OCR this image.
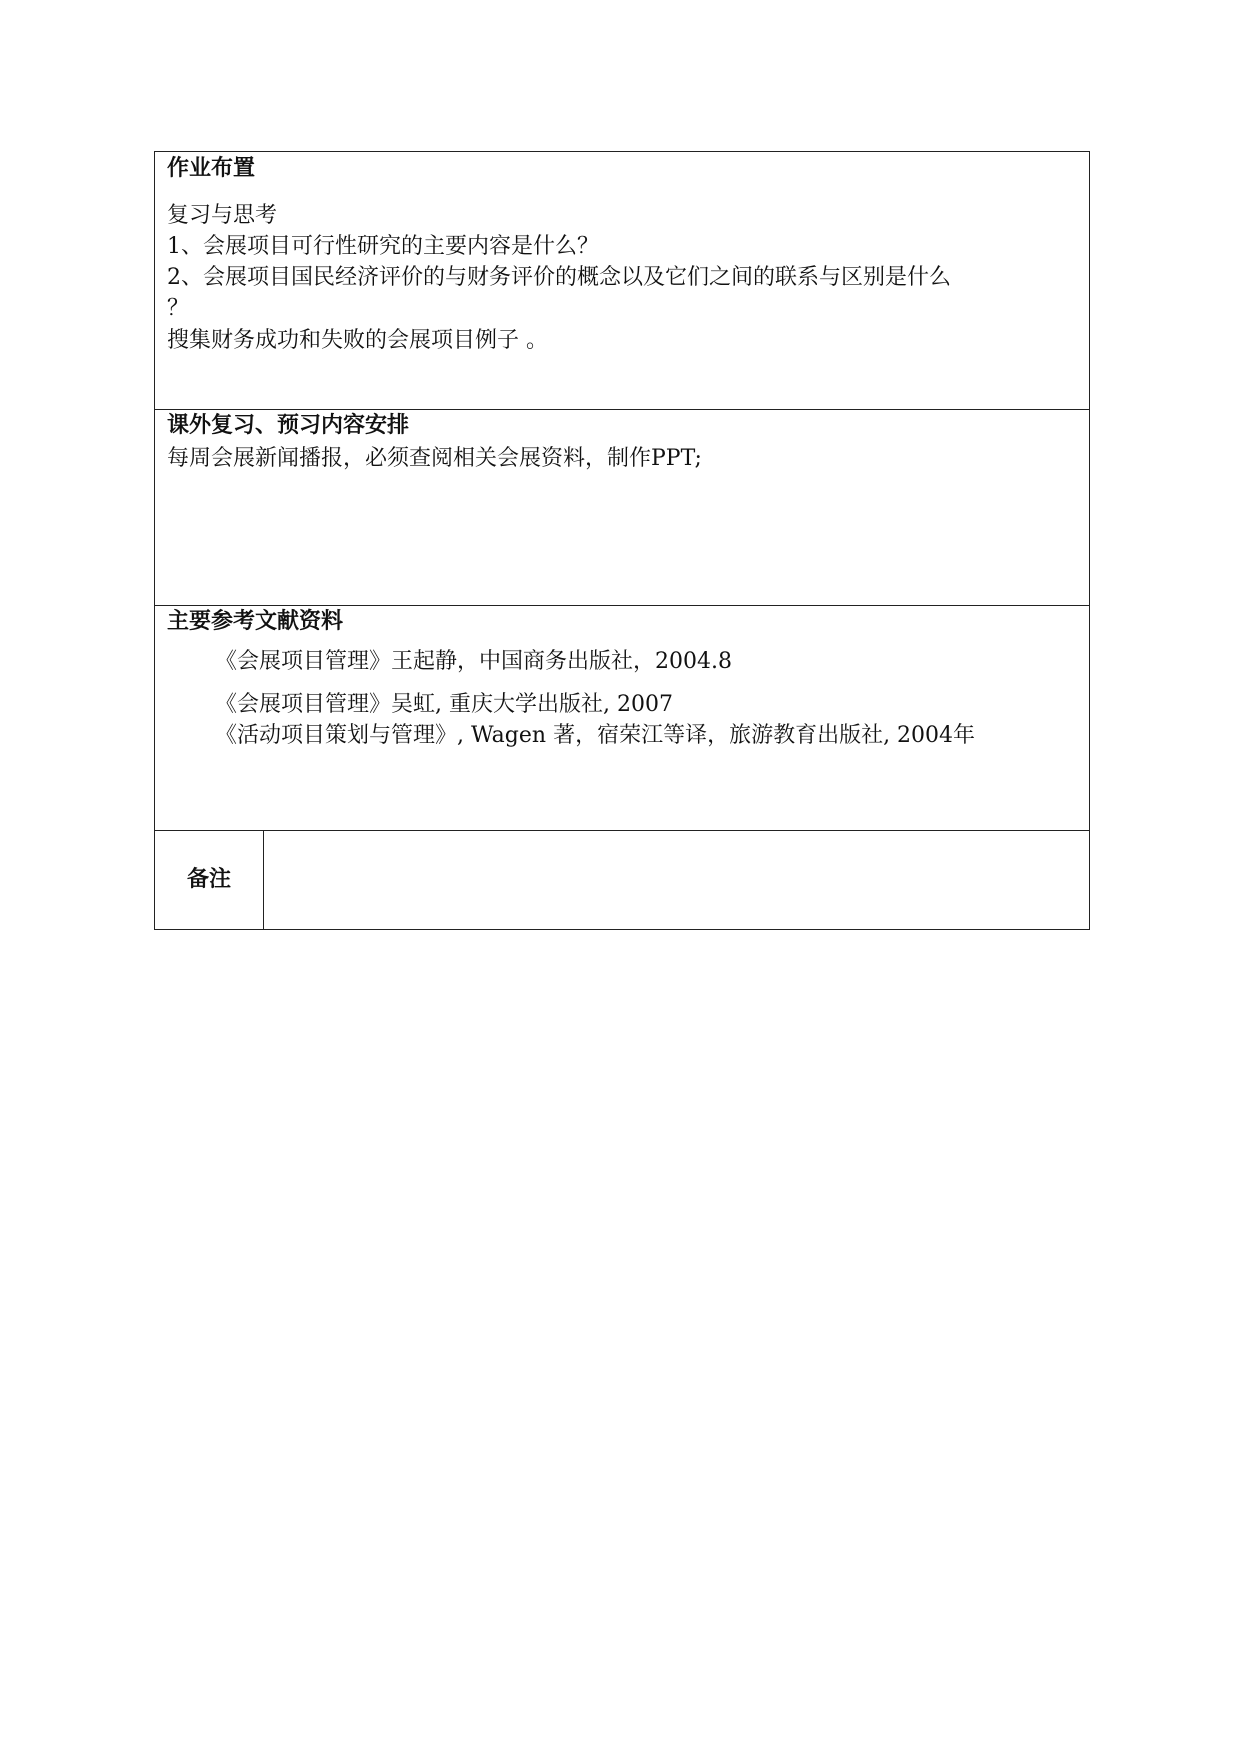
作业布置
复习与思考
1、会展项目可行性研究的主要内容是什么？
2、会展项目国民经济评价的与财务评价的概念以及它们之间的联系与区别是什么
？
搜集财务成功和失败的会展项目例子 。
课外复习、预习内容安排
每周会展新闻播报，必须查阅相关会展资料，制作PPT;
主要参考文献资料
《会展项目管理》王起静，中国商务出版社，2004.8
《会展项目管理》吴虹, 重庆大学出版社, 2007
《活动项目策划与管理》, Wagen 著，宿荣江等译，旅游教育出版社, 2004年
备注
